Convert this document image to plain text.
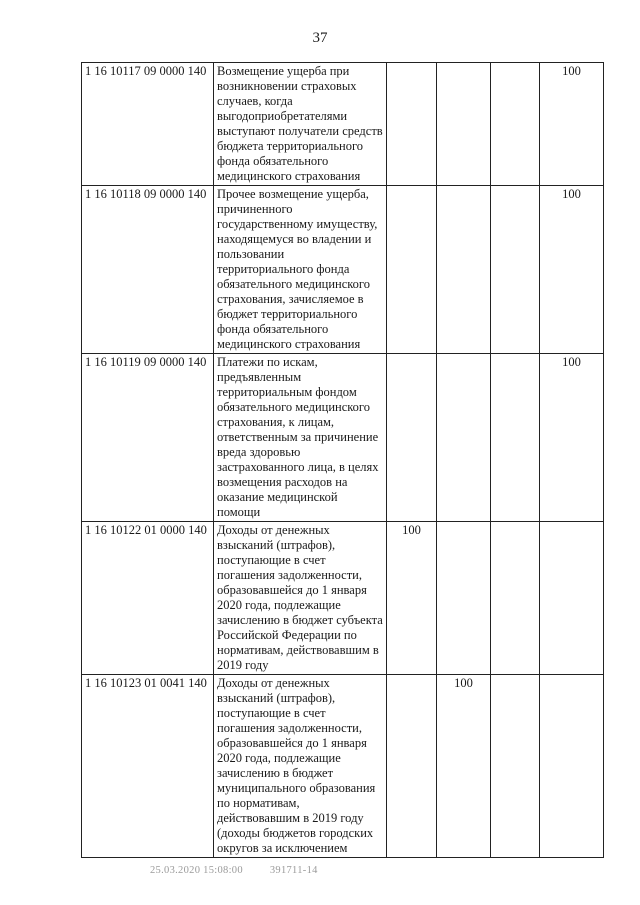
37
1 16 10117 09 0000 140	Возмещение ущерба при возникновении страховых случаев, когда выгодоприобретателями выступают получатели средств бюджета территориального фонда обязательного медицинского страхования				100
1 16 10118 09 0000 140	Прочее возмещение ущерба, причиненного государственному имуществу, находящемуся во владении и пользовании территориального фонда обязательного медицинского страхования, зачисляемое в бюджет территориального фонда обязательного медицинского страхования				100
1 16 10119 09 0000 140	Платежи по искам, предъявленным территориальным фондом обязательного медицинского страхования, к лицам, ответственным за причинение вреда здоровью застрахованного лица, в целях возмещения расходов на оказание медицинской помощи				100
1 16 10122 01 0000 140	Доходы от денежных взысканий (штрафов), поступающие в счет погашения задолженности, образовавшейся до 1 января 2020 года, подлежащие зачислению в бюджет субъекта Российской Федерации по нормативам, действовавшим в 2019 году	100			
1 16 10123 01 0041 140	Доходы от денежных взысканий (штрафов), поступающие в счет погашения задолженности, образовавшейся до 1 января 2020 года, подлежащие зачислению в бюджет муниципального образования по нормативам, действовавшим в 2019 году (доходы бюджетов городских округов за исключением		100		
25.03.2020 15:08:00	391711-14
